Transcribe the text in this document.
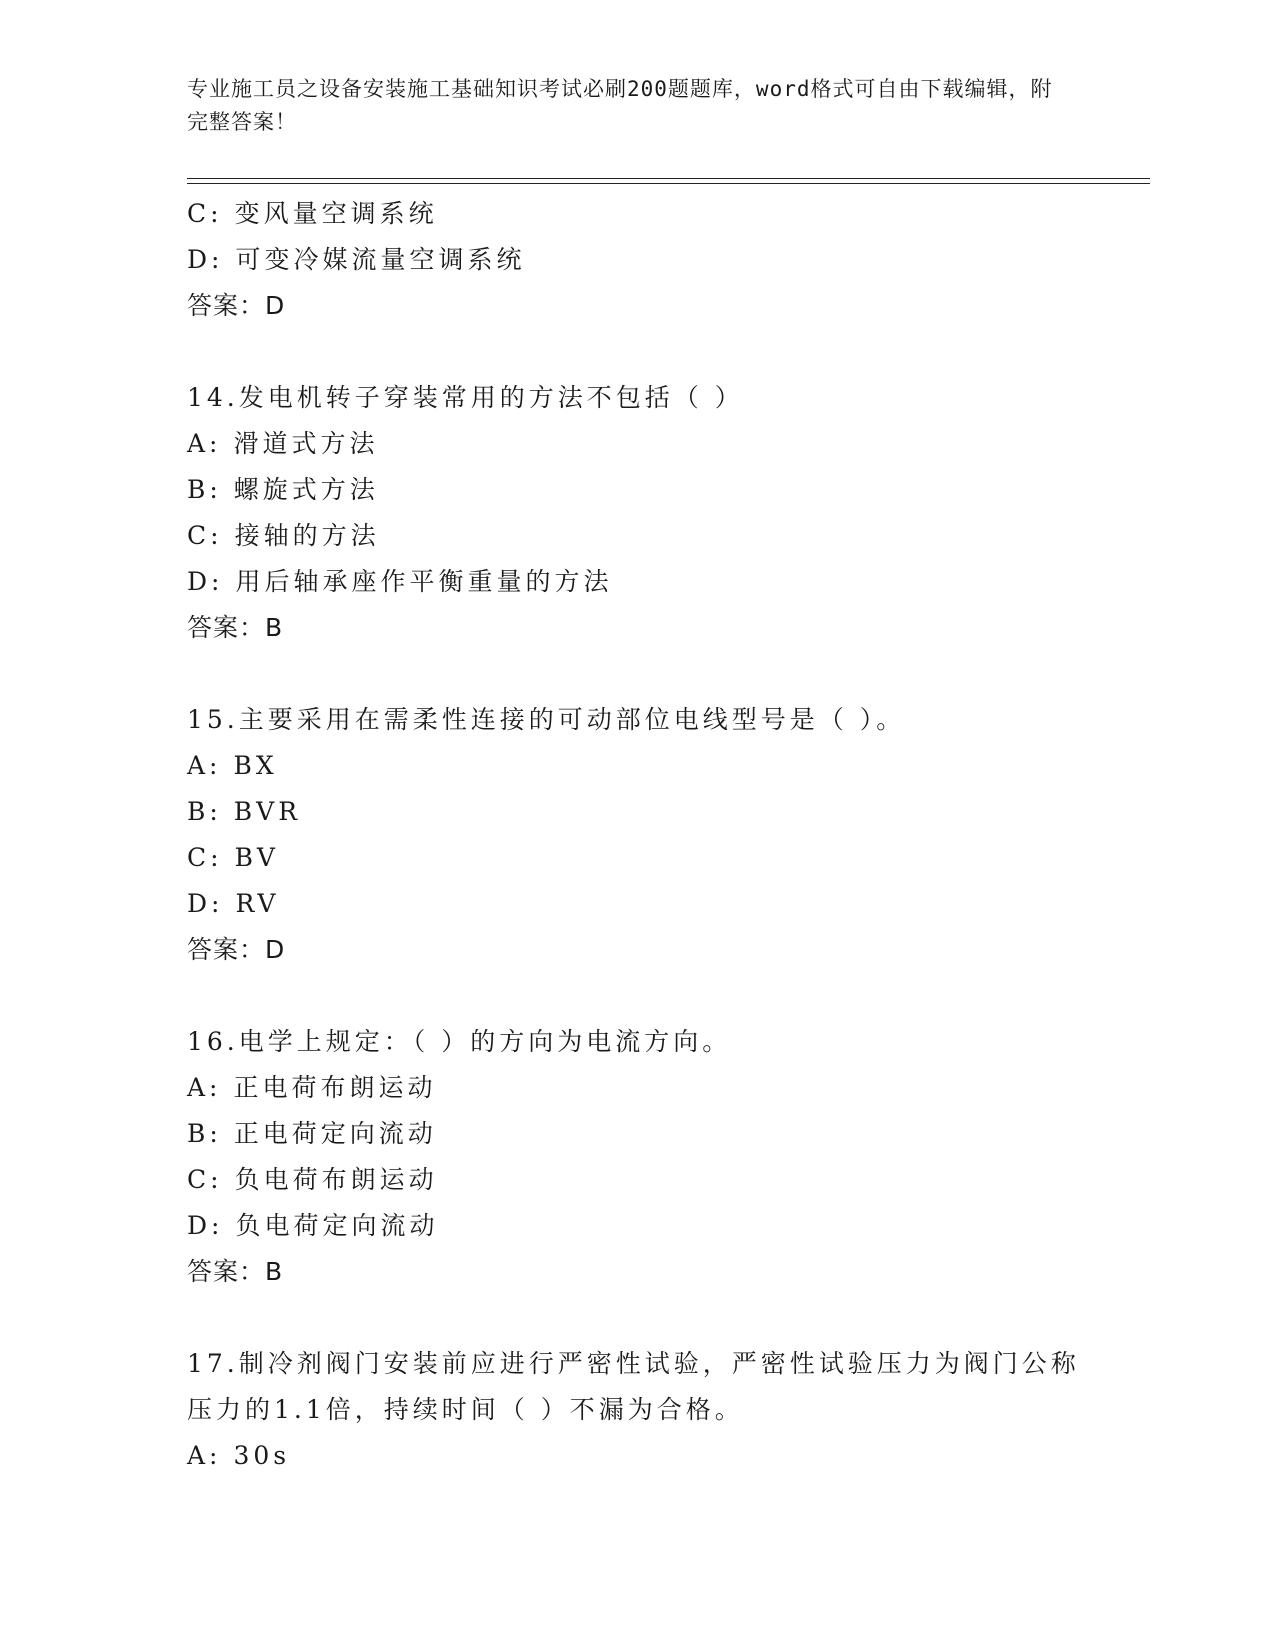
专业施工员之设备安装施工基础知识考试必刷200题题库，word格式可自由下载编辑，附完整答案！
C: 变风量空调系统
D: 可变冷媒流量空调系统
答案：D
14.发电机转子穿装常用的方法不包括（ ）
A: 滑道式方法
B: 螺旋式方法
C: 接轴的方法
D: 用后轴承座作平衡重量的方法
答案：B
15.主要采用在需柔性连接的可动部位电线型号是（ ）。
A: BX
B: BVR
C: BV
D: RV
答案：D
16.电学上规定：（ ）的方向为电流方向。
A: 正电荷布朗运动
B: 正电荷定向流动
C: 负电荷布朗运动
D: 负电荷定向流动
答案：B
17.制冷剂阀门安装前应进行严密性试验，严密性试验压力为阀门公称压力的1.1倍，持续时间（ ）不漏为合格。
A: 30s
